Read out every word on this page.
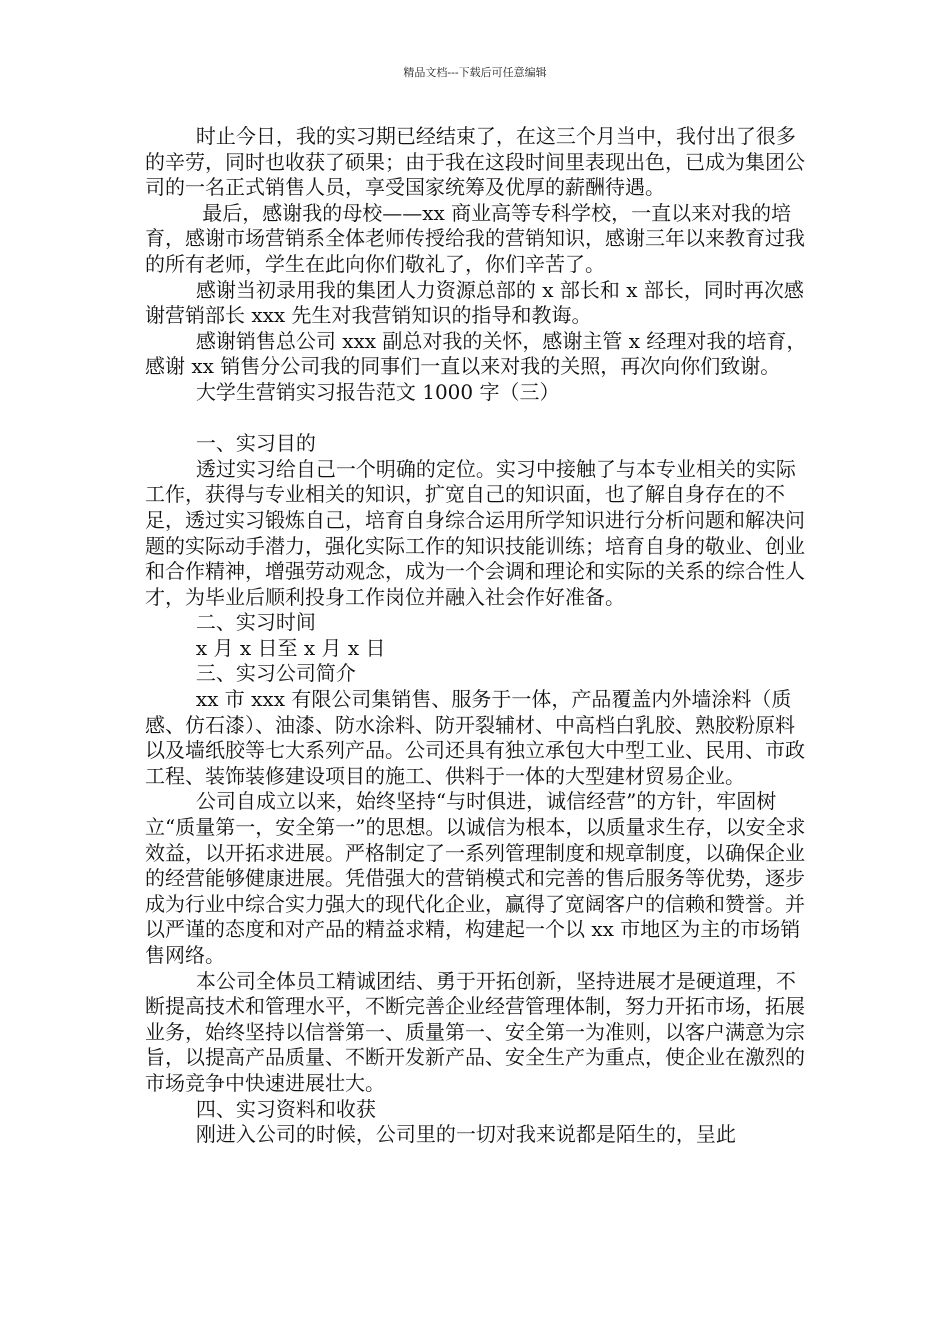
精品文档---下载后可任意编辑

时止今日，我的实习期已经结束了，在这三个月当中，我付出了很多的辛劳，同时也收获了硕果；由于我在这段时间里表现出色，已成为集团公司的一名正式销售人员，享受国家统筹及优厚的薪酬待遇。

最后，感谢我的母校——xx 商业高等专科学校，一直以来对我的培育，感谢市场营销系全体老师传授给我的营销知识，感谢三年以来教育过我的所有老师，学生在此向你们敬礼了，你们辛苦了。

感谢当初录用我的集团人力资源总部的 x 部长和 x 部长，同时再次感谢营销部长 xxx 先生对我营销知识的指导和教诲。

感谢销售总公司 xxx 副总对我的关怀，感谢主管 x 经理对我的培育，感谢 xx 销售分公司我的同事们一直以来对我的关照，再次向你们致谢。

大学生营销实习报告范文 1000 字（三）

一、实习目的

透过实习给自己一个明确的定位。实习中接触了与本专业相关的实际工作，获得与专业相关的知识，扩宽自己的知识面，也了解自身存在的不足，透过实习锻炼自己，培育自身综合运用所学知识进行分析问题和解决问题的实际动手潜力，强化实际工作的知识技能训练；培育自身的敬业、创业和合作精神，增强劳动观念，成为一个会调和理论和实际的关系的综合性人才，为毕业后顺利投身工作岗位并融入社会作好准备。

二、实习时间

x 月 x 日至 x 月 x 日

三、实习公司简介

xx 市 xxx 有限公司集销售、服务于一体，产品覆盖内外墙涂料（质感、仿石漆）、油漆、防水涂料、防开裂辅材、中高档白乳胶、熟胶粉原料以及墙纸胶等七大系列产品。公司还具有独立承包大中型工业、民用、市政工程、装饰装修建设项目的施工、供料于一体的大型建材贸易企业。

公司自成立以来，始终坚持“与时俱进，诚信经营”的方针，牢固树立“质量第一，安全第一”的思想。以诚信为根本，以质量求生存，以安全求效益，以开拓求进展。严格制定了一系列管理制度和规章制度，以确保企业的经营能够健康进展。凭借强大的营销模式和完善的售后服务等优势，逐步成为行业中综合实力强大的现代化企业，赢得了宽阔客户的信赖和赞誉。并以严谨的态度和对产品的精益求精，构建起一个以 xx 市地区为主的市场销售网络。

本公司全体员工精诚团结、勇于开拓创新，坚持进展才是硬道理，不断提高技术和管理水平，不断完善企业经营管理体制，努力开拓市场，拓展业务，始终坚持以信誉第一、质量第一、安全第一为准则，以客户满意为宗旨，以提高产品质量、不断开发新产品、安全生产为重点，使企业在激烈的市场竞争中快速进展壮大。

四、实习资料和收获

刚进入公司的时候，公司里的一切对我来说都是陌生的，呈此
